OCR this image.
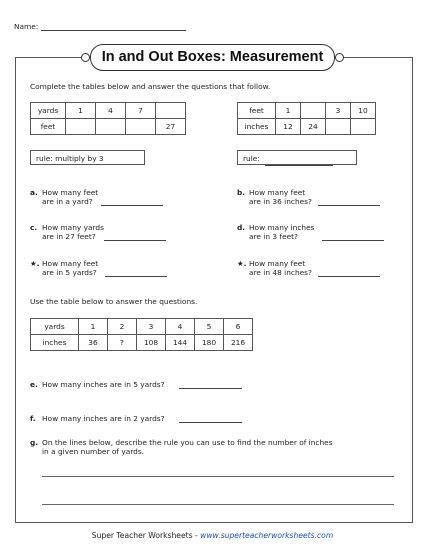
Name:
In and Out Boxes: Measurement
Complete the tables below and answer the questions that follow.
yards	1	4	7	
feet				27
rule: multiply by 3
feet	1		3	10
inches	12	24		
rule:
a. How many feet
are in a yard?
c. How many yards
are in 27 feet?
★. How many feet
are in 5 yards?
b. How many feet
are in 36 inches?
d. How many inches
are in 3 feet?
★. How many feet
are in 48 inches?
Use the table below to answer the questions.
yards	1	2	3	4	5	6
inches	36	?	108	144	180	216
e. How many inches are in 5 yards?
f. How many inches are in 2 yards?
g. On the lines below, describe the rule you can use to find the number of inches
in a given number of yards.
Super Teacher Worksheets - www.superteacherworksheets.com
